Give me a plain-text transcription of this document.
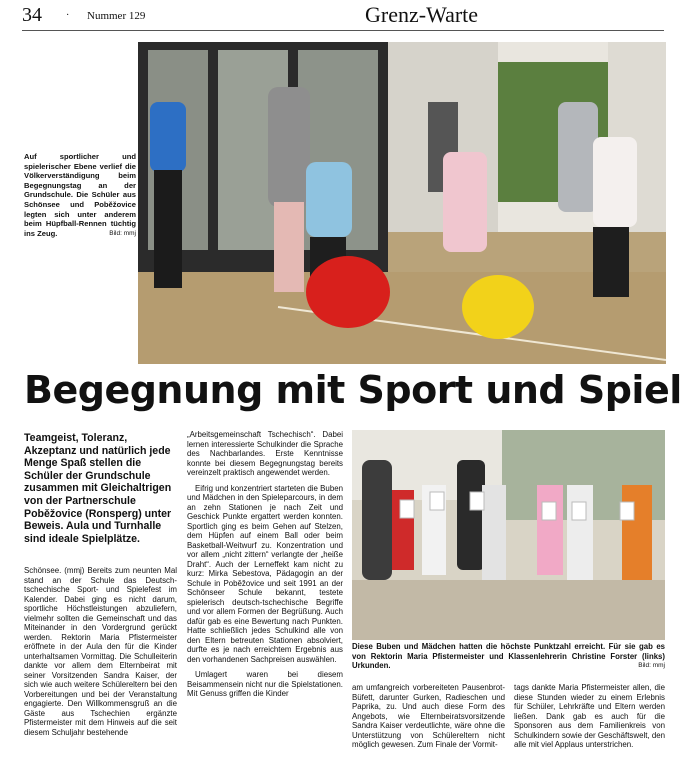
34 · Nummer 129	Grenz-Warte
Auf sportlicher und spielerischer Ebene verlief die Völkerverständigung beim Begegnungstag an der Grundschule. Die Schüler aus Schönsee und Poběžovice legten sich unter anderem beim Hüpfball-Rennen tüchtig ins Zeug.	Bild: mmj
Begegnung mit Sport und Spiel
Teamgeist, Toleranz, Akzeptanz und natürlich jede Menge Spaß stellen die Schüler der Grundschule zusammen mit Gleichaltrigen von der Partnerschule Poběžovice (Ronsperg) unter Beweis. Aula und Turnhalle sind ideale Spielplätze.

Schönsee. (mmj) Bereits zum neunten Mal stand an der Schule das Deutsch-tschechische Sport- und Spielefest im Kalender. Dabei ging es nicht darum, sportliche Höchstleistungen abzuliefern, vielmehr sollten die Gemeinschaft und das Miteinander in den Vordergrund gerückt werden. Rektorin Maria Pfistermeister eröffnete in der Aula den für die Kinder unterhaltsamen Vormittag. Die Schulleiterin dankte vor allem dem Elternbeirat mit seiner Vorsitzenden Sandra Kaiser, der sich wie auch weitere Schülereltern bei den Vorbereitungen und bei der Veranstaltung engagierte. Den Willkommensgruß an die Gäste aus Tschechien ergänzte Pfistermeister mit dem Hinweis auf die seit diesem Schuljahr bestehende

„Arbeitsgemeinschaft Tschechisch“. Dabei lernen interessierte Schulkinder die Sprache des Nachbarlandes. Erste Kenntnisse konnte bei diesem Begegnungstag bereits vereinzelt praktisch angewendet werden.

Eifrig und konzentriert starteten die Buben und Mädchen in den Spieleparcours, in dem an zehn Stationen je nach Zeit und Geschick Punkte ergattert werden konnten. Sportlich ging es beim Gehen auf Stelzen, dem Hüpfen auf einem Ball oder beim Basketball-Weitwurf zu. Konzentration und vor allem „nicht zittern“ verlangte der „heiße Draht“. Auch der Lerneffekt kam nicht zu kurz: Mirka Sebestova, Pädagogin an der Schule in Poběžovice und seit 1991 an der Schönseer Schule bekannt, testete spielerisch deutsch-tschechische Begriffe und vor allem Formen der Begrüßung. Auch dafür gab es eine Bewertung nach Punkten. Hatte schließlich jedes Schulkind alle von den Eltern betreuten Stationen absolviert, durfte es je nach erreichtem Ergebnis aus den vorhandenen Sachpreisen auswählen.

Umlagert waren bei diesem Beisammensein nicht nur die Spielstationen. Mit Genuss griffen die Kinder

Diese Buben und Mädchen hatten die höchste Punktzahl erreicht. Für sie gab es von Rektorin Maria Pfistermeister und Klassenlehrerin Christine Forster (links) Urkunden.	Bild: mmj

am umfangreich vorbereiteten Pausenbrot-Büfett, darunter Gurken, Radieschen und Paprika, zu. Und auch diese Form des Angebots, wie Elternbeiratsvorsitzende Sandra Kaiser verdeutlichte, wäre ohne die Unterstützung von Schülereltern nicht möglich gewesen. Zum Finale der Vormit-

tags dankte Maria Pfistermeister allen, die diese Stunden wieder zu einem Erlebnis für Schüler, Lehrkräfte und Eltern werden ließen. Dank gab es auch für die Sponsoren aus dem Familienkreis von Schulkindern sowie der Geschäftswelt, den alle mit viel Applaus unterstrichen.
